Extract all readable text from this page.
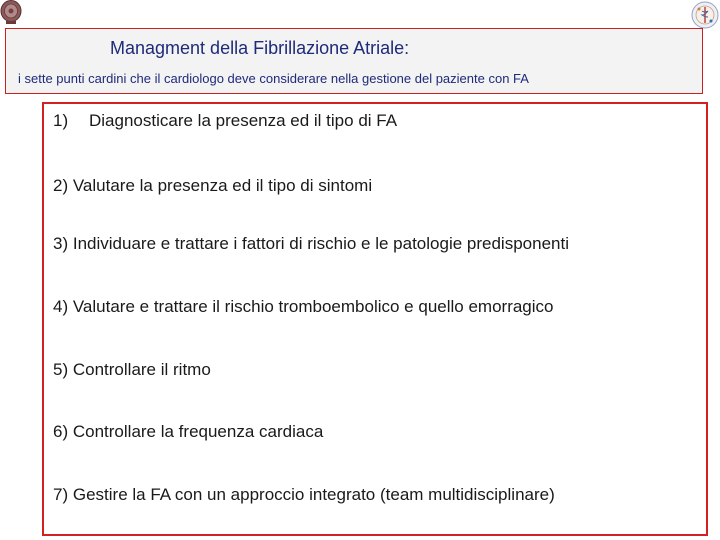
Managment della Fibrillazione Atriale:
i sette punti cardini che il cardiologo deve considerare nella gestione del paziente con FA
1) Diagnosticare la presenza ed il tipo di FA
2) Valutare la presenza ed il tipo di sintomi
3) Individuare e trattare i fattori di rischio e le patologie predisponenti
4) Valutare e trattare il rischio tromboembolico e quello emorragico
5) Controllare il ritmo
6) Controllare la frequenza cardiaca
7) Gestire la FA con un approccio integrato (team multidisciplinare)
